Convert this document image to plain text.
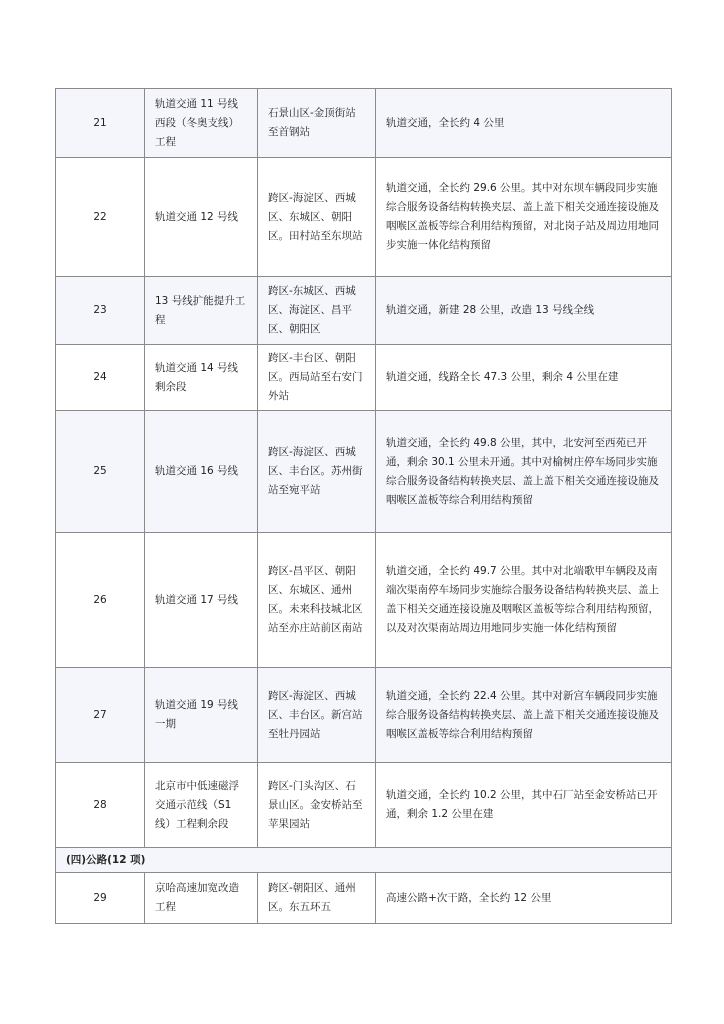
21	轨道交通 11 号线西段（冬奥支线）工程	石景山区-金顶街站至首钢站	轨道交通，全长约 4 公里
22	轨道交通 12 号线	跨区-海淀区、西城区、东城区、朝阳区。田村站至东坝站	轨道交通，全长约 29.6 公里。其中对东坝车辆段同步实施综合服务设备结构转换夹层、盖上盖下相关交通连接设施及咽喉区盖板等综合利用结构预留，对北岗子站及周边用地同步实施一体化结构预留
23	13 号线扩能提升工程	跨区-东城区、西城区、海淀区、昌平区、朝阳区	轨道交通，新建 28 公里，改造 13 号线全线
24	轨道交通 14 号线剩余段	跨区-丰台区、朝阳区。西局站至右安门外站	轨道交通，线路全长 47.3 公里，剩余 4 公里在建
25	轨道交通 16 号线	跨区-海淀区、西城区、丰台区。苏州街站至宛平站	轨道交通，全长约 49.8 公里，其中，北安河至西苑已开通，剩余 30.1 公里未开通。其中对榆树庄停车场同步实施综合服务设备结构转换夹层、盖上盖下相关交通连接设施及咽喉区盖板等综合利用结构预留
26	轨道交通 17 号线	跨区-昌平区、朝阳区、东城区、通州区。未来科技城北区站至亦庄站前区南站	轨道交通，全长约 49.7 公里。其中对北端歌甲车辆段及南端次渠南停车场同步实施综合服务设备结构转换夹层、盖上盖下相关交通连接设施及咽喉区盖板等综合利用结构预留，以及对次渠南站周边用地同步实施一体化结构预留
27	轨道交通 19 号线一期	跨区-海淀区、西城区、丰台区。新宫站至牡丹园站	轨道交通，全长约 22.4 公里。其中对新宫车辆段同步实施综合服务设备结构转换夹层、盖上盖下相关交通连接设施及咽喉区盖板等综合利用结构预留
28	北京市中低速磁浮交通示范线（S1 线）工程剩余段	跨区-门头沟区、石景山区。金安桥站至苹果园站	轨道交通，全长约 10.2 公里，其中石厂站至金安桥站已开通，剩余 1.2 公里在建
(四)公路(12 项)			
29	京哈高速加宽改造工程	跨区-朝阳区、通州区。东五环五	高速公路+次干路，全长约 12 公里
